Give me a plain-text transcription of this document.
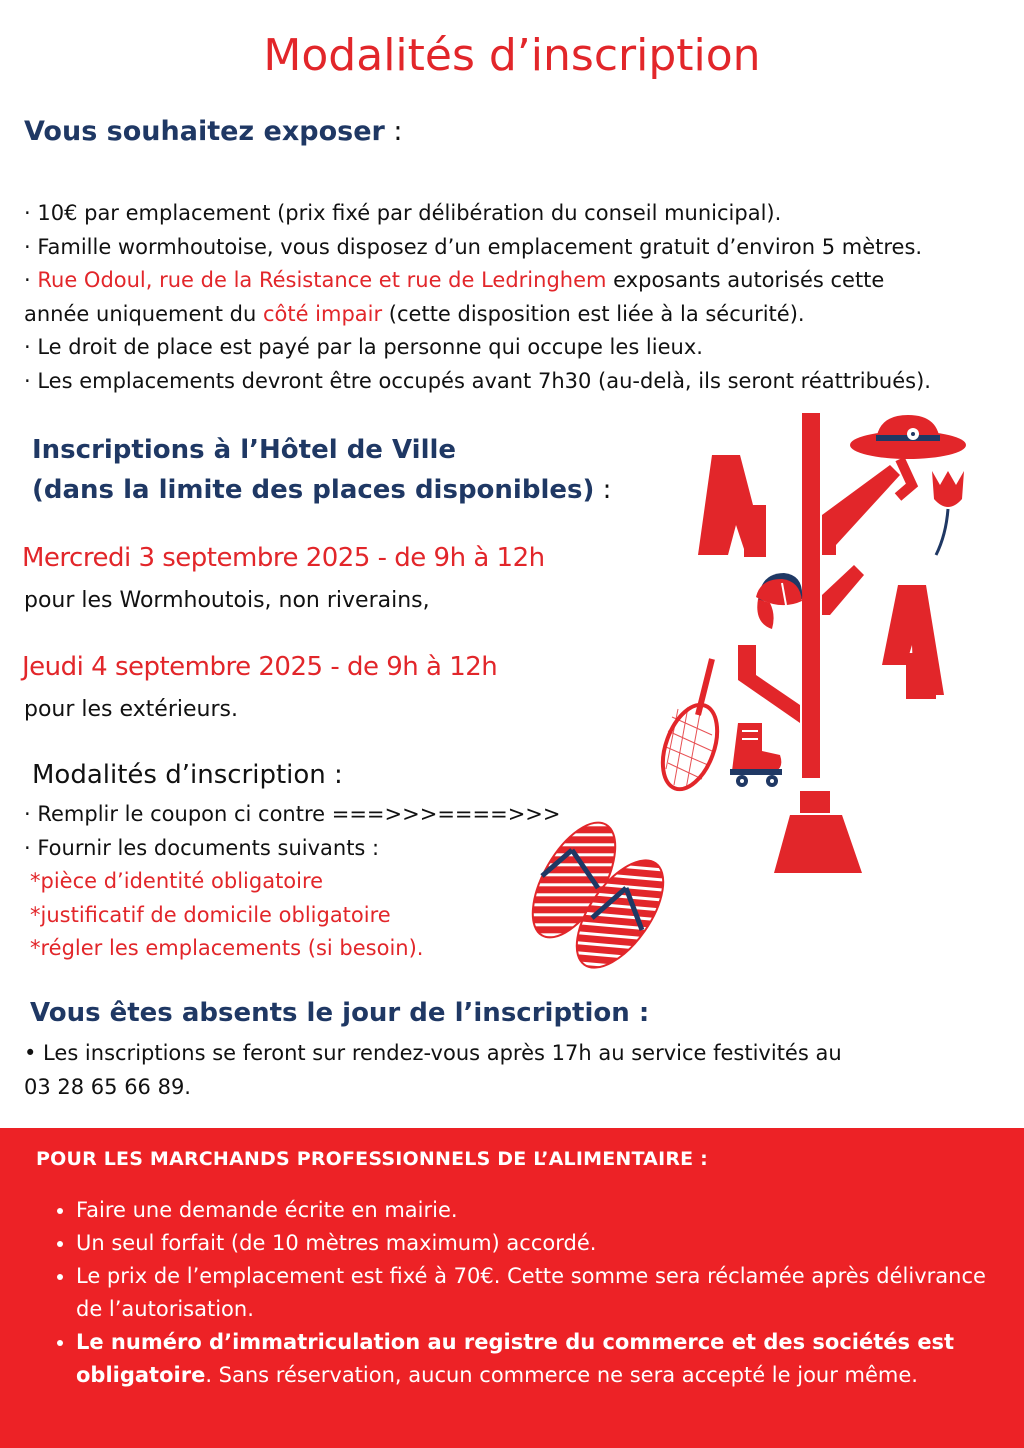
Modalités d’inscription
Vous souhaitez exposer :
· 10€ par emplacement (prix fixé par délibération du conseil municipal).
· Famille wormhoutoise, vous disposez d’un emplacement gratuit d’environ 5 mètres.
· Rue Odoul, rue de la Résistance et rue de Ledringhem exposants autorisés cette
année uniquement du côté impair (cette disposition est liée à la sécurité).
· Le droit de place est payé par la personne qui occupe les lieux.
· Les emplacements devront être occupés avant 7h30 (au-delà, ils seront réattribués).
Inscriptions à l’Hôtel de Ville
(dans la limite des places disponibles) :
Mercredi 3 septembre 2025 - de 9h à 12h
pour les Wormhoutois, non riverains,
Jeudi 4 septembre 2025 - de 9h à 12h
pour les extérieurs.
Modalités d’inscription :
· Remplir le coupon ci contre ===>>>====>>>
· Fournir les documents suivants :
*pièce d’identité obligatoire
*justificatif de domicile obligatoire
*régler les emplacements (si besoin).
Vous êtes absents le jour de l’inscription :
• Les inscriptions se feront sur rendez-vous après 17h au service festivités au
03 28 65 66 89.
POUR LES MARCHANDS PROFESSIONNELS DE L’ALIMENTAIRE :
• Faire une demande écrite en mairie.
• Un seul forfait (de 10 mètres maximum) accordé.
• Le prix de l’emplacement est fixé à 70€. Cette somme sera réclamée après délivrance de l’autorisation.
• Le numéro d’immatriculation au registre du commerce et des sociétés est obligatoire. Sans réservation, aucun commerce ne sera accepté le jour même.
